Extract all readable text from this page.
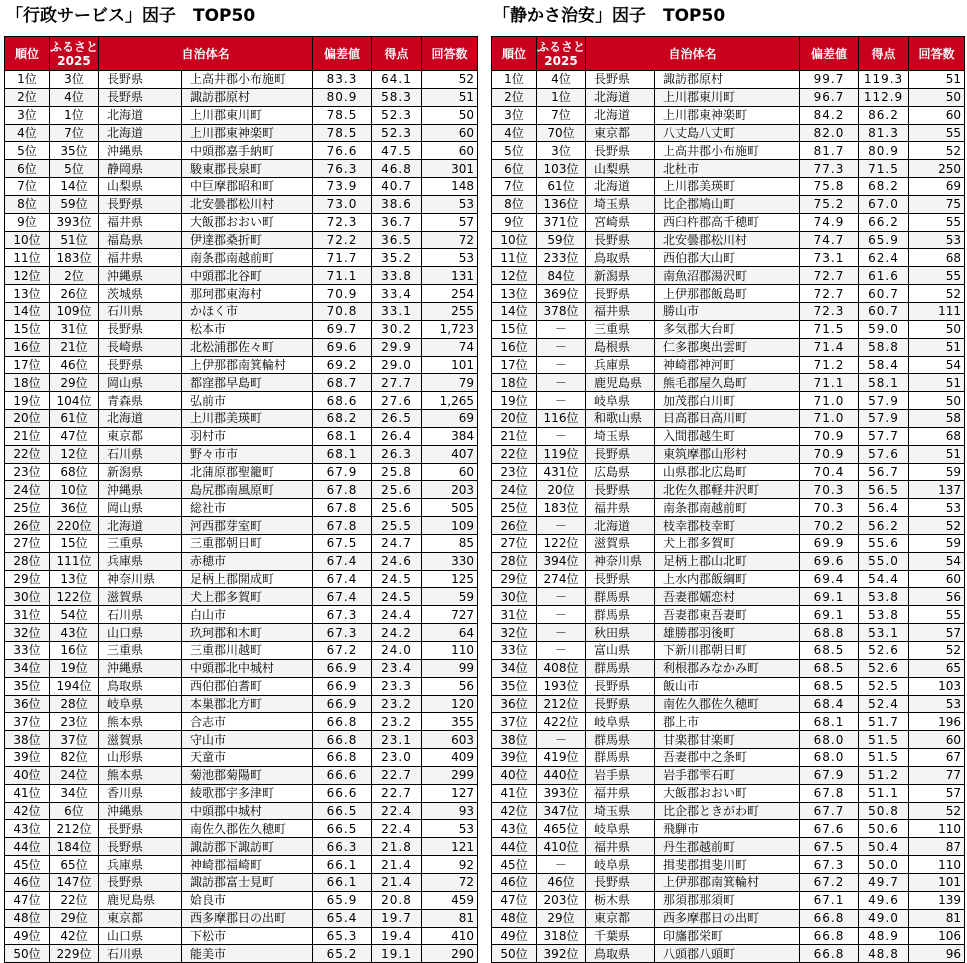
「行政サービス」因子　TOP50
順位	ふるさと
2025	自治体名		偏差値	得点	回答数
1位	3位	長野県	上高井郡小布施町	83.3	64.1	52
2位	4位	長野県	諏訪郡原村	80.9	58.3	51
3位	1位	北海道	上川郡東川町	78.5	52.3	50
4位	7位	北海道	上川郡東神楽町	78.5	52.3	60
5位	35位	沖縄県	中頭郡嘉手納町	76.6	47.5	60
6位	5位	静岡県	駿東郡長泉町	76.3	46.8	301
7位	14位	山梨県	中巨摩郡昭和町	73.9	40.7	148
8位	59位	長野県	北安曇郡松川村	73.0	38.6	53
9位	393位	福井県	大飯郡おおい町	72.3	36.7	57
10位	51位	福島県	伊達郡桑折町	72.2	36.5	72
11位	183位	福井県	南条郡南越前町	71.7	35.2	53
12位	2位	沖縄県	中頭郡北谷町	71.1	33.8	131
13位	26位	茨城県	那珂郡東海村	70.9	33.4	254
14位	109位	石川県	かほく市	70.8	33.1	255
15位	31位	長野県	松本市	69.7	30.2	1,723
16位	21位	長崎県	北松浦郡佐々町	69.6	29.9	74
17位	46位	長野県	上伊那郡南箕輪村	69.2	29.0	101
18位	29位	岡山県	都窪郡早島町	68.7	27.7	79
19位	104位	青森県	弘前市	68.6	27.6	1,265
20位	61位	北海道	上川郡美瑛町	68.2	26.5	69
21位	47位	東京都	羽村市	68.1	26.4	384
22位	12位	石川県	野々市市	68.1	26.3	407
23位	68位	新潟県	北蒲原郡聖籠町	67.9	25.8	60
24位	10位	沖縄県	島尻郡南風原町	67.8	25.6	203
25位	36位	岡山県	総社市	67.8	25.6	505
26位	220位	北海道	河西郡芽室町	67.8	25.5	109
27位	15位	三重県	三重郡朝日町	67.5	24.7	85
28位	111位	兵庫県	赤穂市	67.4	24.6	330
29位	13位	神奈川県	足柄上郡開成町	67.4	24.5	125
30位	122位	滋賀県	犬上郡多賀町	67.4	24.5	59
31位	54位	石川県	白山市	67.3	24.4	727
32位	43位	山口県	玖珂郡和木町	67.3	24.2	64
33位	16位	三重県	三重郡川越町	67.2	24.0	110
34位	19位	沖縄県	中頭郡北中城村	66.9	23.4	99
35位	194位	鳥取県	西伯郡伯耆町	66.9	23.3	56
36位	28位	岐阜県	本巣郡北方町	66.9	23.2	120
37位	23位	熊本県	合志市	66.8	23.2	355
38位	37位	滋賀県	守山市	66.8	23.1	603
39位	82位	山形県	天童市	66.8	23.0	409
40位	24位	熊本県	菊池郡菊陽町	66.6	22.7	299
41位	34位	香川県	綾歌郡宇多津町	66.6	22.7	127
42位	6位	沖縄県	中頭郡中城村	66.5	22.4	93
43位	212位	長野県	南佐久郡佐久穂町	66.5	22.4	53
44位	184位	長野県	諏訪郡下諏訪町	66.3	21.8	121
45位	65位	兵庫県	神崎郡福崎町	66.1	21.4	92
46位	147位	長野県	諏訪郡富士見町	66.1	21.4	72
47位	22位	鹿児島県	姶良市	65.9	20.8	459
48位	29位	東京都	西多摩郡日の出町	65.4	19.7	81
49位	42位	山口県	下松市	65.3	19.4	410
50位	229位	石川県	能美市	65.2	19.1	290
「静かさ治安」因子　TOP50
順位	ふるさと
2025	自治体名		偏差値	得点	回答数
1位	4位	長野県	諏訪郡原村	99.7	119.3	51
2位	1位	北海道	上川郡東川町	96.7	112.9	50
3位	7位	北海道	上川郡東神楽町	84.2	86.2	60
4位	70位	東京都	八丈島八丈町	82.0	81.3	55
5位	3位	長野県	上高井郡小布施町	81.7	80.9	52
6位	103位	山梨県	北杜市	77.3	71.5	250
7位	61位	北海道	上川郡美瑛町	75.8	68.2	69
8位	136位	埼玉県	比企郡鳩山町	75.2	67.0	75
9位	371位	宮崎県	西臼杵郡高千穂町	74.9	66.2	55
10位	59位	長野県	北安曇郡松川村	74.7	65.9	53
11位	233位	鳥取県	西伯郡大山町	73.1	62.4	68
12位	84位	新潟県	南魚沼郡湯沢町	72.7	61.6	55
13位	369位	長野県	上伊那郡飯島町	72.7	60.7	52
14位	378位	福井県	勝山市	72.3	60.7	111
15位	－	三重県	多気郡大台町	71.5	59.0	50
16位	－	島根県	仁多郡奥出雲町	71.4	58.8	51
17位	－	兵庫県	神崎郡神河町	71.2	58.4	54
18位	－	鹿児島県	熊毛郡屋久島町	71.1	58.1	51
19位	－	岐阜県	加茂郡白川町	71.0	57.9	50
20位	116位	和歌山県	日高郡日高川町	71.0	57.9	58
21位	－	埼玉県	入間郡越生町	70.9	57.7	68
22位	119位	長野県	東筑摩郡山形村	70.9	57.6	51
23位	431位	広島県	山県郡北広島町	70.4	56.7	59
24位	20位	長野県	北佐久郡軽井沢町	70.3	56.5	137
25位	183位	福井県	南条郡南越前町	70.3	56.4	53
26位	－	北海道	枝幸郡枝幸町	70.2	56.2	52
27位	122位	滋賀県	犬上郡多賀町	69.9	55.6	59
28位	394位	神奈川県	足柄上郡山北町	69.6	55.0	54
29位	274位	長野県	上水内郡飯綱町	69.4	54.4	60
30位	－	群馬県	吾妻郡嬬恋村	69.1	53.8	56
31位	－	群馬県	吾妻郡東吾妻町	69.1	53.8	55
32位	－	秋田県	雄勝郡羽後町	68.8	53.1	57
33位	－	富山県	下新川郡朝日町	68.5	52.6	52
34位	408位	群馬県	利根郡みなかみ町	68.5	52.6	65
35位	193位	長野県	飯山市	68.5	52.5	103
36位	212位	長野県	南佐久郡佐久穂町	68.4	52.4	53
37位	422位	岐阜県	郡上市	68.1	51.7	196
38位	－	群馬県	甘楽郡甘楽町	68.0	51.5	60
39位	419位	群馬県	吾妻郡中之条町	68.0	51.5	67
40位	440位	岩手県	岩手郡雫石町	67.9	51.2	77
41位	393位	福井県	大飯郡おおい町	67.8	51.1	57
42位	347位	埼玉県	比企郡ときがわ町	67.7	50.8	52
43位	465位	岐阜県	飛騨市	67.6	50.6	110
44位	410位	福井県	丹生郡越前町	67.5	50.4	87
45位	－	岐阜県	揖斐郡揖斐川町	67.3	50.0	110
46位	46位	長野県	上伊那郡南箕輪村	67.2	49.7	101
47位	203位	栃木県	那須郡那須町	67.1	49.6	139
48位	29位	東京都	西多摩郡日の出町	66.8	49.0	81
49位	318位	千葉県	印旛郡栄町	66.8	48.9	106
50位	392位	鳥取県	八頭郡八頭町	66.8	48.8	96
